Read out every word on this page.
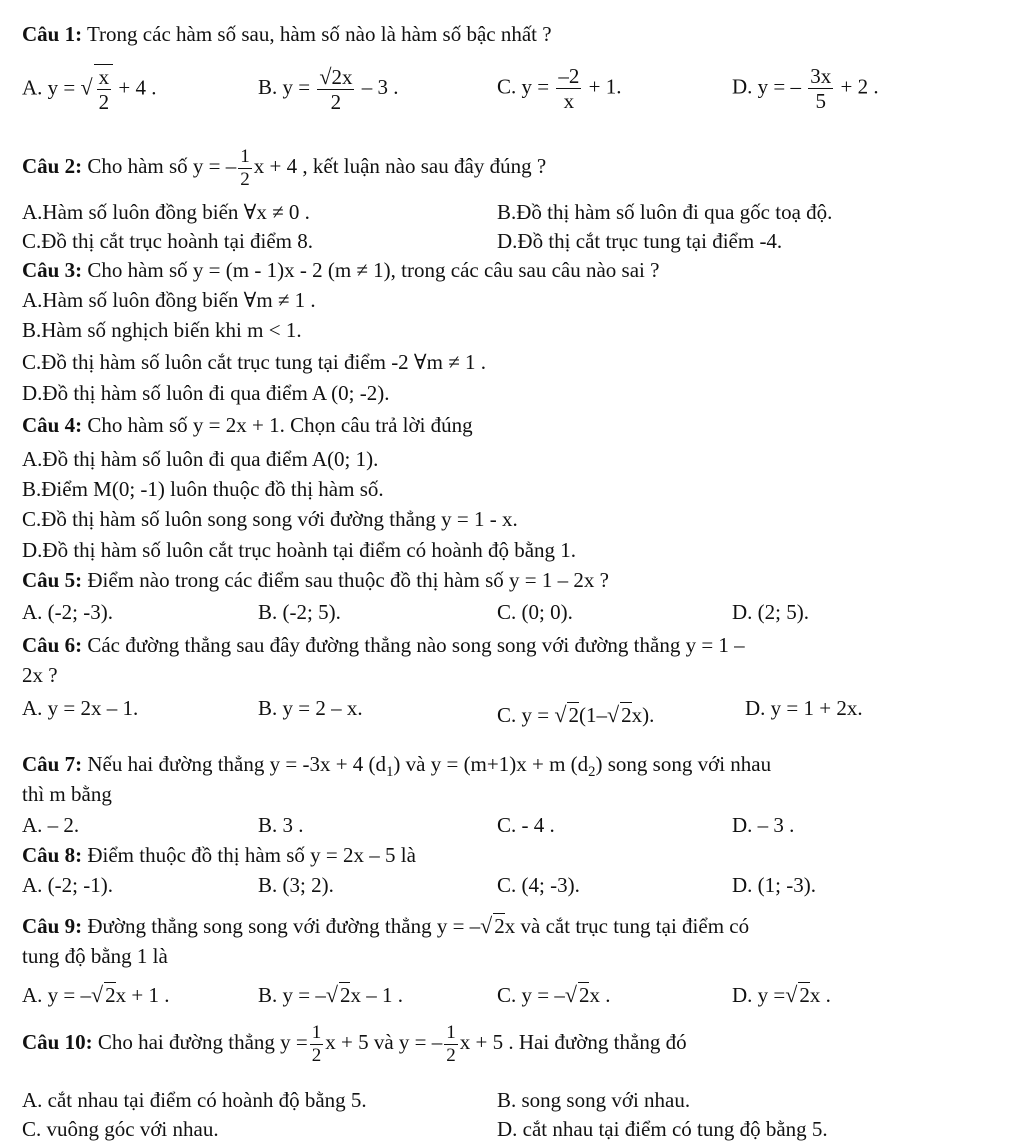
Câu 1: Trong các hàm số sau, hàm số nào là hàm số bậc nhất ?
A. y = √ $\frac{x}{2} + 4$ .	B. $y = \frac{√2x}{2} - 3$ .	C. $y = \frac{-2}{x} + 1$.	D. y = – $\frac{3x}{5} + 2$ .
Câu 2: Cho hàm số y = – $\frac{1}{2}$ x + 4 , kết luận nào sau đây đúng ?
A.Hàm số luôn đồng biến ∀x ≠ 0 .	B.Đồ thị hàm số luôn đi qua gốc toạ độ.
C.Đồ thị cắt trục hoành tại điểm 8.	D.Đồ thị cắt trục tung tại điểm -4.
Câu 3: Cho hàm số y = (m - 1)x - 2 (m ≠ 1), trong các câu sau câu nào sai ?
A.Hàm số luôn đồng biến ∀m ≠ 1 .
B.Hàm số nghịch biến khi m < 1.
C.Đồ thị hàm số luôn cắt trục tung tại điểm -2 ∀m ≠ 1 .
D.Đồ thị hàm số luôn đi qua điểm A (0; -2).
Câu 4: Cho hàm số y = 2x + 1. Chọn câu trả lời đúng
A.Đồ thị hàm số luôn đi qua điểm A(0; 1).
B.Điểm M(0; -1) luôn thuộc đồ thị hàm số.
C.Đồ thị hàm số luôn song song với đường thẳng y = 1 - x.
D.Đồ thị hàm số luôn cắt trục hoành tại điểm có hoành độ bằng 1.
Câu 5: Điểm nào trong các điểm sau thuộc đồ thị hàm số y = 1 – 2x ?
A. (-2; -3).	B. (-2; 5).	C. (0; 0).	D. (2; 5).
Câu 6: Các đường thẳng sau đây đường thẳng nào song song với đường thẳng y = 1 –
2x ?
A. y = 2x – 1.	B. y = 2 – x.	C. y = √2(1–√2x).	D. y = 1 + 2x.
Câu 7: Nếu hai đường thẳng y = -3x + 4 $(d_1)$ và y = (m+1)x + m $(d_2)$ song song với nhau
thì m bằng
A. – 2.	B. 3 .	C. - 4 .	D. – 3 .
Câu 8: Điểm thuộc đồ thị hàm số y = 2x – 5 là
A. (-2; -1).	B. (3; 2).	C. (4; -3).	D. (1; -3).
Câu 9: Đường thẳng song song với đường thẳng y = –√2x và cắt trục tung tại điểm có
tung độ bằng 1 là
A. y = –√2x + 1 .	B. y = –√2x – 1 .	C. y = –√2x .	D. y =√2x .
Câu 10: Cho hai đường thẳng $y = \frac{1}{2}$ x + 5 và y = – $\frac{1}{2}$ x + 5 . Hai đường thẳng đó
A. cắt nhau tại điểm có hoành độ bằng 5.	B. song song với nhau.
C. vuông góc với nhau.	D. cắt nhau tại điểm có tung độ bằng 5.
